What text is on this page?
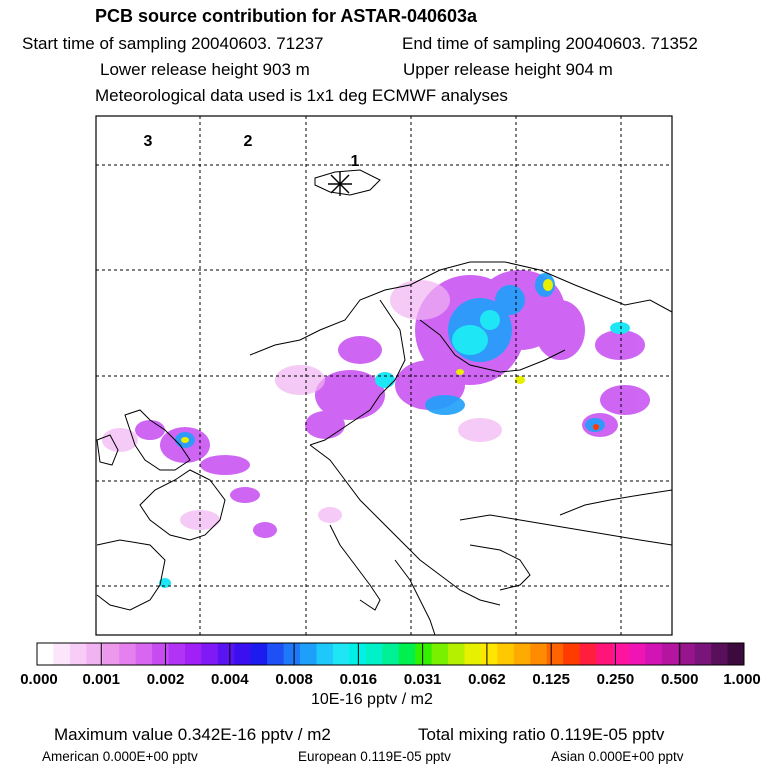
PCB source contribution for ASTAR-040603a
Start time of sampling 20040603. 71237	End time of sampling 20040603. 71352
Lower release height 903 m	Upper release height 904 m
Meteorological data used is 1x1 deg ECMWF analyses
3	2
1
0.000 0.001 0.002 0.004 0.008 0.016 0.031 0.062 0.125 0.250 0.500 1.000
10E-16 pptv / m2
Maximum value 0.342E-16 pptv / m2	Total mixing ratio 0.119E-05 pptv
American 0.000E+00 pptv	European 0.119E-05 pptv	Asian 0.000E+00 pptv
